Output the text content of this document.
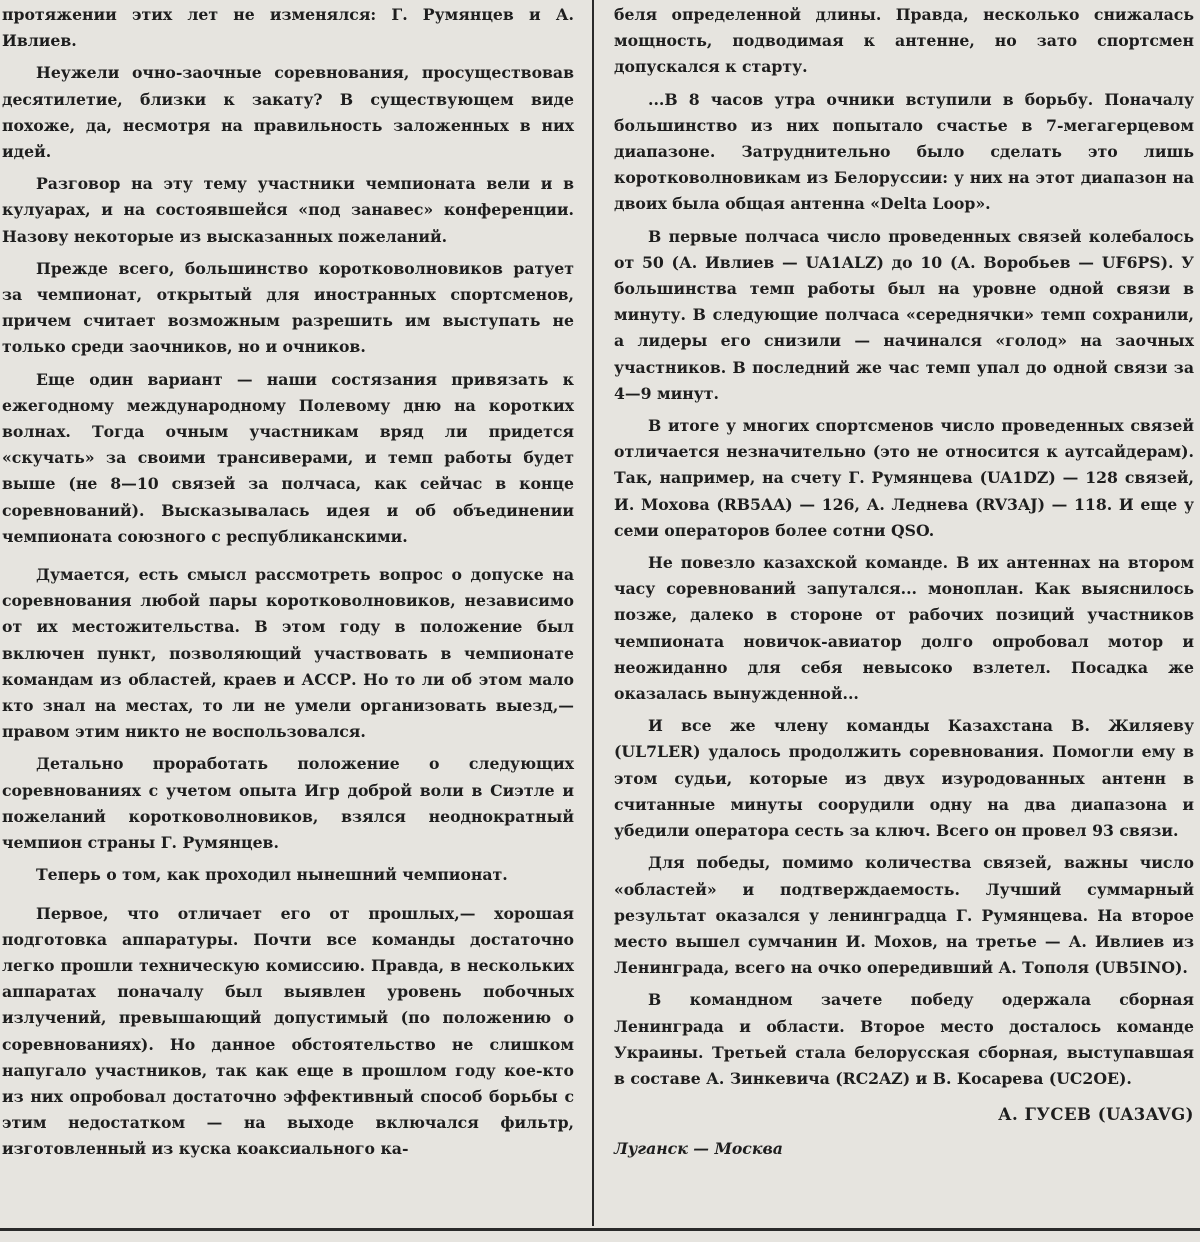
протяжении этих лет не изменялся: Г. Румянцев и А. Ивлиев.

Неужели очно-заочные соревнования, просуществовав десятилетие, близки к закату? В существующем виде похоже, да, несмотря на правильность заложенных в них идей.

Разговор на эту тему участники чемпионата вели и в кулуарах, и на состоявшейся «под занавес» конференции. Назову некоторые из высказанных пожеланий.

Прежде всего, большинство коротковолновиков ратует за чемпионат, открытый для иностранных спортсменов, причем считает возможным разрешить им выступать не только среди заочников, но и очников.

Еще один вариант — наши состязания привязать к ежегодному международному Полевому дню на коротких волнах. Тогда очным участникам вряд ли придется «скучать» за своими трансиверами, и темп работы будет выше (не 8—10 связей за полчаса, как сейчас в конце соревнований). Высказывалась идея и об объединении чемпионата союзного с республиканскими.

Думается, есть смысл рассмотреть вопрос о допуске на соревнования любой пары коротковолновиков, независимо от их местожительства. В этом году в положение был включен пункт, позволяющий участвовать в чемпионате командам из областей, краев и АССР. Но то ли об этом мало кто знал на местах, то ли не умели организовать выезд,— правом этим никто не воспользовался.

Детально проработать положение о следующих соревнованиях с учетом опыта Игр доброй воли в Сиэтле и пожеланий коротковолновиков, взялся неоднократный чемпион страны Г. Румянцев.

Теперь о том, как проходил нынешний чемпионат.

Первое, что отличает его от прошлых,— хорошая подготовка аппаратуры. Почти все команды достаточно легко прошли техническую комиссию. Правда, в нескольких аппаратах поначалу был выявлен уровень побочных излучений, превышающий допустимый (по положению о соревнованиях). Но данное обстоятельство не слишком напугало участников, так как еще в прошлом году кое-кто из них опробовал достаточно эффективный способ борьбы с этим недостатком — на выходе включался фильтр, изготовленный из куска коаксиального ка-

беля определенной длины. Правда, несколько снижалась мощность, подводимая к антенне, но зато спортсмен допускался к старту.

...В 8 часов утра очники вступили в борьбу. Поначалу большинство из них попытало счастье в 7-мегагерцевом диапазоне. Затруднительно было сделать это лишь коротковолновикам из Белоруссии: у них на этот диапазон на двоих была общая антенна «Delta Loop».

В первые полчаса число проведенных связей колебалось от 50 (А. Ивлиев — UA1ALZ) до 10 (А. Воробьев — UF6PS). У большинства темп работы был на уровне одной связи в минуту. В следующие полчаса «середнячки» темп сохранили, а лидеры его снизили — начинался «голод» на заочных участников. В последний же час темп упал до одной связи за 4—9 минут.

В итоге у многих спортсменов число проведенных связей отличается незначительно (это не относится к аутсайдерам). Так, например, на счету Г. Румянцева (UA1DZ) — 128 связей, И. Мохова (RB5AA) — 126, А. Леднева (RV3AJ) — 118. И еще у семи операторов более сотни QSO.

Не повезло казахской команде. В их антеннах на втором часу соревнований запутался... моноплан. Как выяснилось позже, далеко в стороне от рабочих позиций участников чемпионата новичок-авиатор долго опробовал мотор и неожиданно для себя невысоко взлетел. Посадка же оказалась вынужденной...

И все же члену команды Казахстана В. Жиляеву (UL7LER) удалось продолжить соревнования. Помогли ему в этом судьи, которые из двух изуродованных антенн в считанные минуты соорудили одну на два диапазона и убедили оператора сесть за ключ. Всего он провел 93 связи.

Для победы, помимо количества связей, важны число «областей» и подтверждаемость. Лучший суммарный результат оказался у ленинградца Г. Румянцева. На второе место вышел сумчанин И. Мохов, на третье — А. Ивлиев из Ленинграда, всего на очко опередивший А. Тополя (UB5INO).

В командном зачете победу одержала сборная Ленинграда и области. Второе место досталось команде Украины. Третьей стала белорусская сборная, выступавшая в составе А. Зинкевича (RC2AZ) и В. Косарева (UC2OE).

А. ГУСЕВ (UA3AVG)
Луганск — Москва
